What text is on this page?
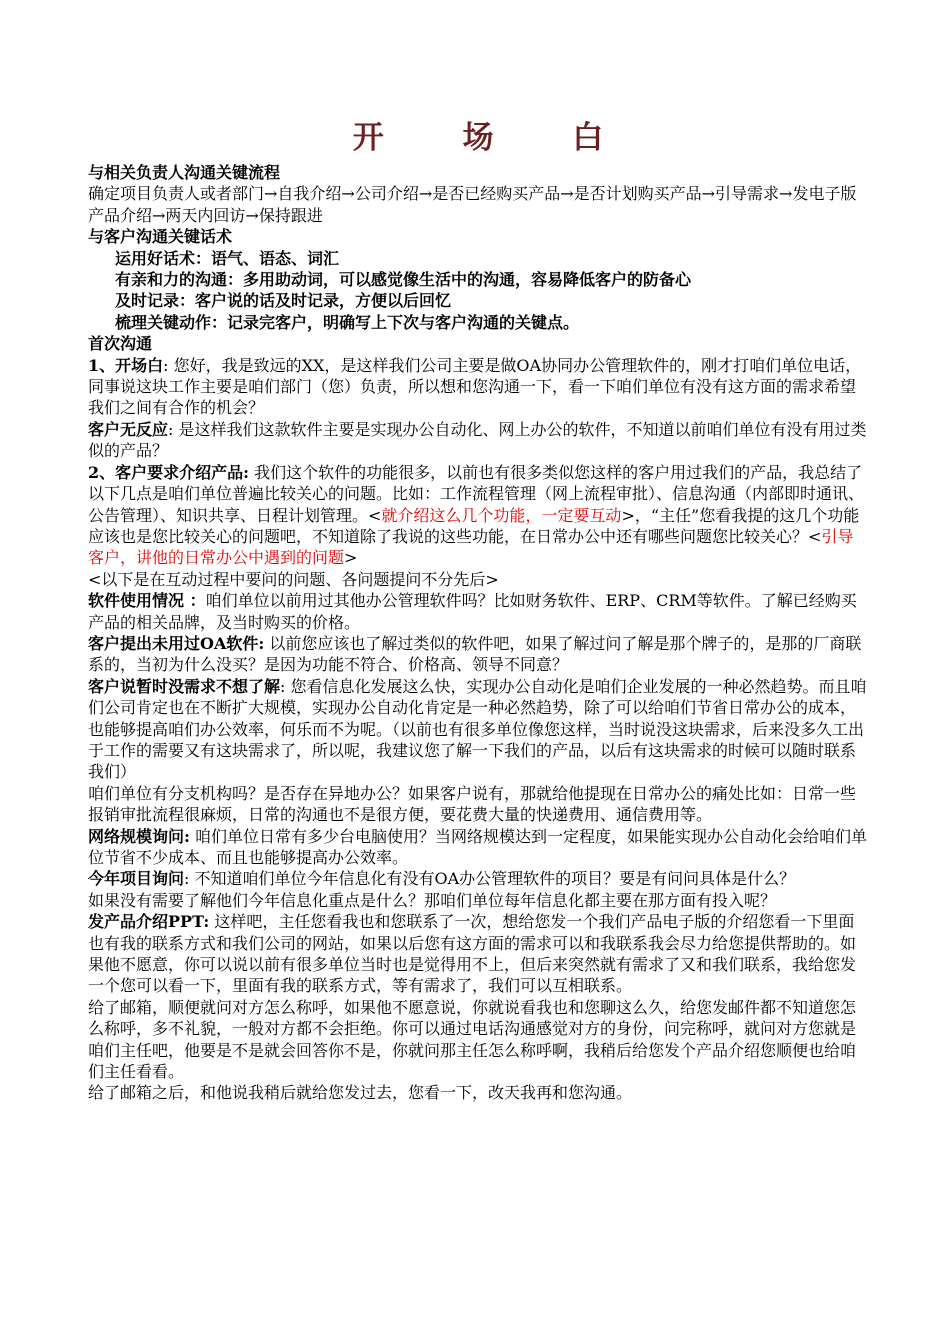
开 场 白

与相关负责人沟通关键流程

确定项目负责人或者部门→自我介绍→公司介绍→是否已经购买产品→是否计划购买产品→引导需求→发电子版产品介绍→两天内回访→保持跟进

与客户沟通关键话术

运用好话术：语气、语态、词汇

有亲和力的沟通：多用助动词，可以感觉像生活中的沟通，容易降低客户的防备心

及时记录：客户说的话及时记录，方便以后回忆

梳理关键动作：记录完客户，明确写上下次与客户沟通的关键点。

首次沟通

1、开场白: 您好，我是致远的XX，是这样我们公司主要是做OA协同办公管理软件的，刚才打咱们单位电话，同事说这块工作主要是咱们部门（您）负责，所以想和您沟通一下，看一下咱们单位有没有这方面的需求希望我们之间有合作的机会？

客户无反应: 是这样我们这款软件主要是实现办公自动化、网上办公的软件，不知道以前咱们单位有没有用过类似的产品？

2、客户要求介绍产品: 我们这个软件的功能很多，以前也有很多类似您这样的客户用过我们的产品，我总结了以下几点是咱们单位普遍比较关心的问题。比如：工作流程管理（网上流程审批）、信息沟通（内部即时通讯、公告管理）、知识共享、日程计划管理。<就介绍这么几个功能，一定要互动>，“主任”您看我提的这几个功能应该也是您比较关心的问题吧，不知道除了我说的这些功能，在日常办公中还有哪些问题您比较关心？<引导客户，讲他的日常办公中遇到的问题>

<以下是在互动过程中要问的问题、各问题提问不分先后>

软件使用情况 ：咱们单位以前用过其他办公管理软件吗？比如财务软件、ERP、CRM等软件。了解已经购买产品的相关品牌，及当时购买的价格。

客户提出未用过OA软件: 以前您应该也了解过类似的软件吧，如果了解过问了解是那个牌子的，是那的厂商联系的，当初为什么没买？是因为功能不符合、价格高、领导不同意？

客户说暂时没需求不想了解: 您看信息化发展这么快，实现办公自动化是咱们企业发展的一种必然趋势。而且咱们公司肯定也在不断扩大规模，实现办公自动化肯定是一种必然趋势，除了可以给咱们节省日常办公的成本，也能够提高咱们办公效率，何乐而不为呢。（以前也有很多单位像您这样，当时说没这块需求，后来没多久工出于工作的需要又有这块需求了，所以呢，我建议您了解一下我们的产品，以后有这块需求的时候可以随时联系我们）

咱们单位有分支机构吗？是否存在异地办公？如果客户说有，那就给他提现在日常办公的痛处比如：日常一些报销审批流程很麻烦，日常的沟通也不是很方便，要花费大量的快递费用、通信费用等。

网络规模询问: 咱们单位日常有多少台电脑使用？当网络规模达到一定程度，如果能实现办公自动化会给咱们单位节省不少成本、而且也能够提高办公效率。

今年项目询问: 不知道咱们单位今年信息化有没有OA办公管理软件的项目？要是有问问具体是什么？

如果没有需要了解他们今年信息化重点是什么？那咱们单位每年信息化都主要在那方面有投入呢？

发产品介绍PPT: 这样吧，主任您看我也和您联系了一次，想给您发一个我们产品电子版的介绍您看一下里面也有我的联系方式和我们公司的网站，如果以后您有这方面的需求可以和我联系我会尽力给您提供帮助的。如果他不愿意，你可以说以前有很多单位当时也是觉得用不上，但后来突然就有需求了又和我们联系，我给您发一个您可以看一下，里面有我的联系方式，等有需求了，我们可以互相联系。

给了邮箱，顺便就问对方怎么称呼，如果他不愿意说，你就说看我也和您聊这么久，给您发邮件都不知道您怎么称呼，多不礼貌，一般对方都不会拒绝。你可以通过电话沟通感觉对方的身份，问完称呼，就问对方您就是咱们主任吧，他要是不是就会回答你不是，你就问那主任怎么称呼啊，我稍后给您发个产品介绍您顺便也给咱们主任看看。

给了邮箱之后，和他说我稍后就给您发过去，您看一下，改天我再和您沟通。
